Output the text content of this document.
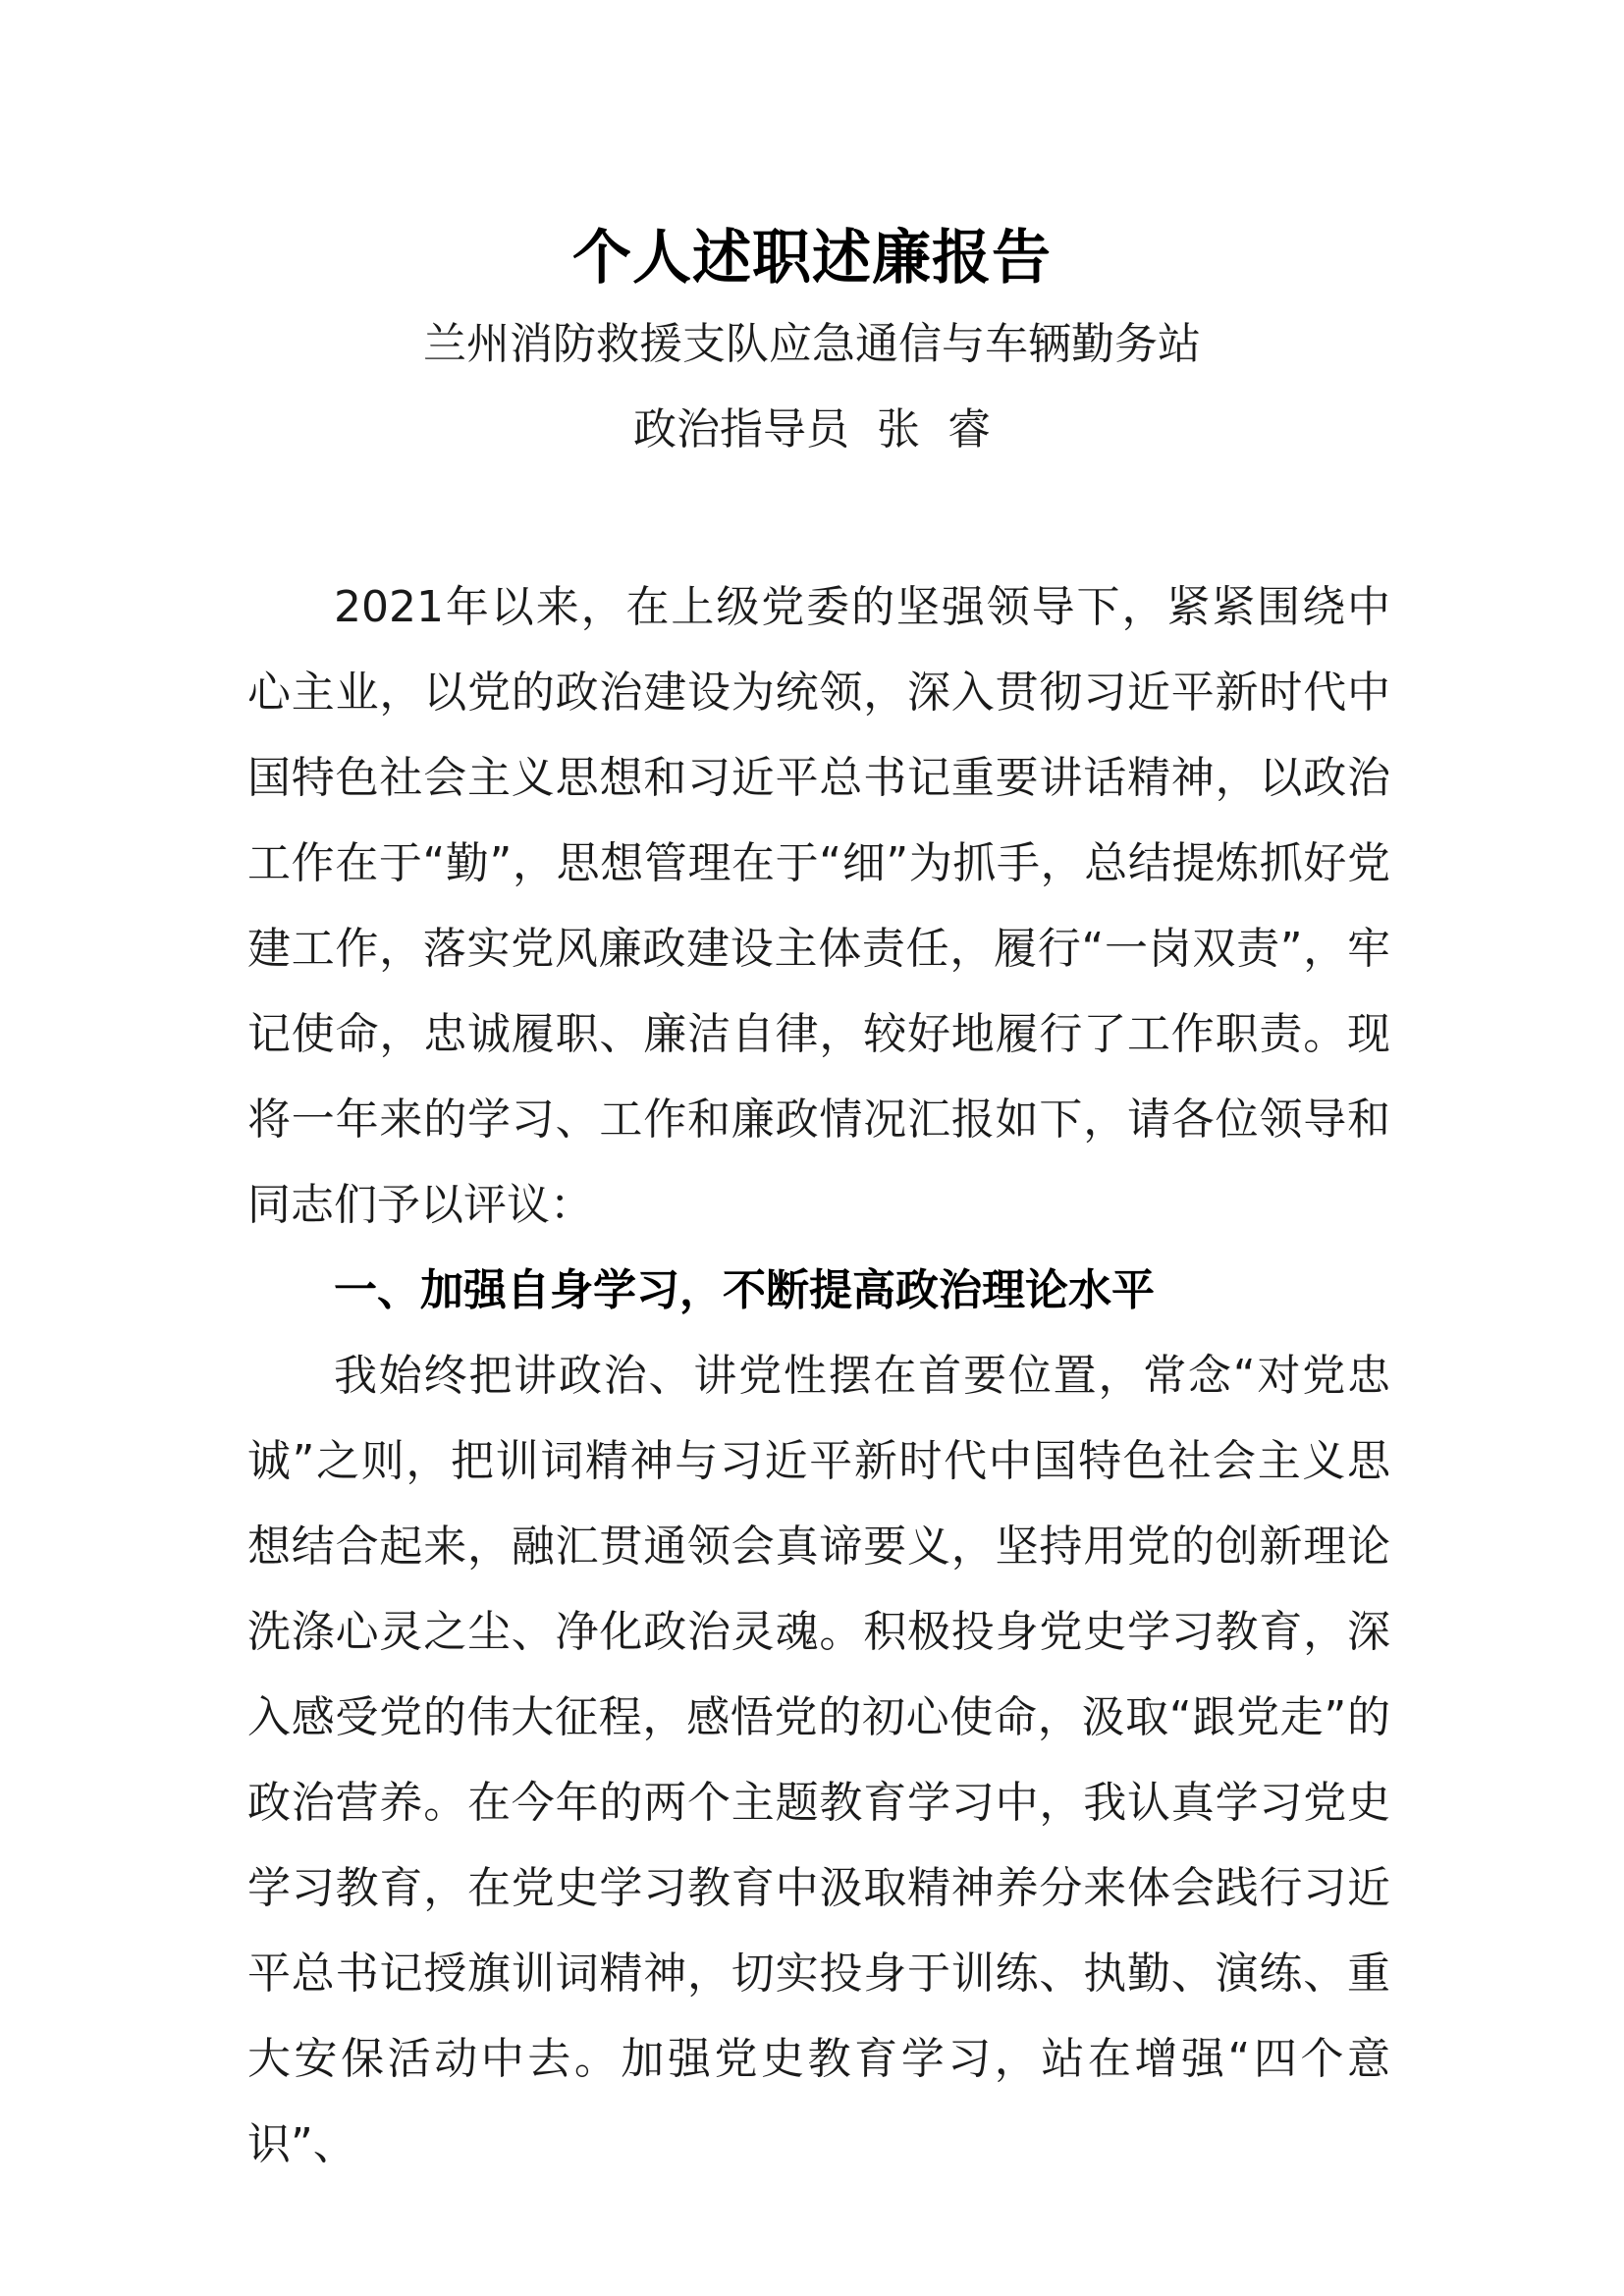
个人述职述廉报告

兰州消防救援支队应急通信与车辆勤务站

政治指导员  张  睿

2021年以来，在上级党委的坚强领导下，紧紧围绕中心主业，以党的政治建设为统领，深入贯彻习近平新时代中国特色社会主义思想和习近平总书记重要讲话精神，以政治工作在于“勤”，思想管理在于“细”为抓手，总结提炼抓好党建工作，落实党风廉政建设主体责任，履行“一岗双责”，牢记使命，忠诚履职、廉洁自律，较好地履行了工作职责。现将一年来的学习、工作和廉政情况汇报如下，请各位领导和同志们予以评议：

一、加强自身学习，不断提高政治理论水平

我始终把讲政治、讲党性摆在首要位置，常念“对党忠诚”之则，把训词精神与习近平新时代中国特色社会主义思想结合起来，融汇贯通领会真谛要义，坚持用党的创新理论洗涤心灵之尘、净化政治灵魂。积极投身党史学习教育，深入感受党的伟大征程，感悟党的初心使命，汲取“跟党走”的政治营养。在今年的两个主题教育学习中，我认真学习党史学习教育，在党史学习教育中汲取精神养分来体会践行习近平总书记授旗训词精神，切实投身于训练、执勤、演练、重大安保活动中去。加强党史教育学习，站在增强“四个意识”、
